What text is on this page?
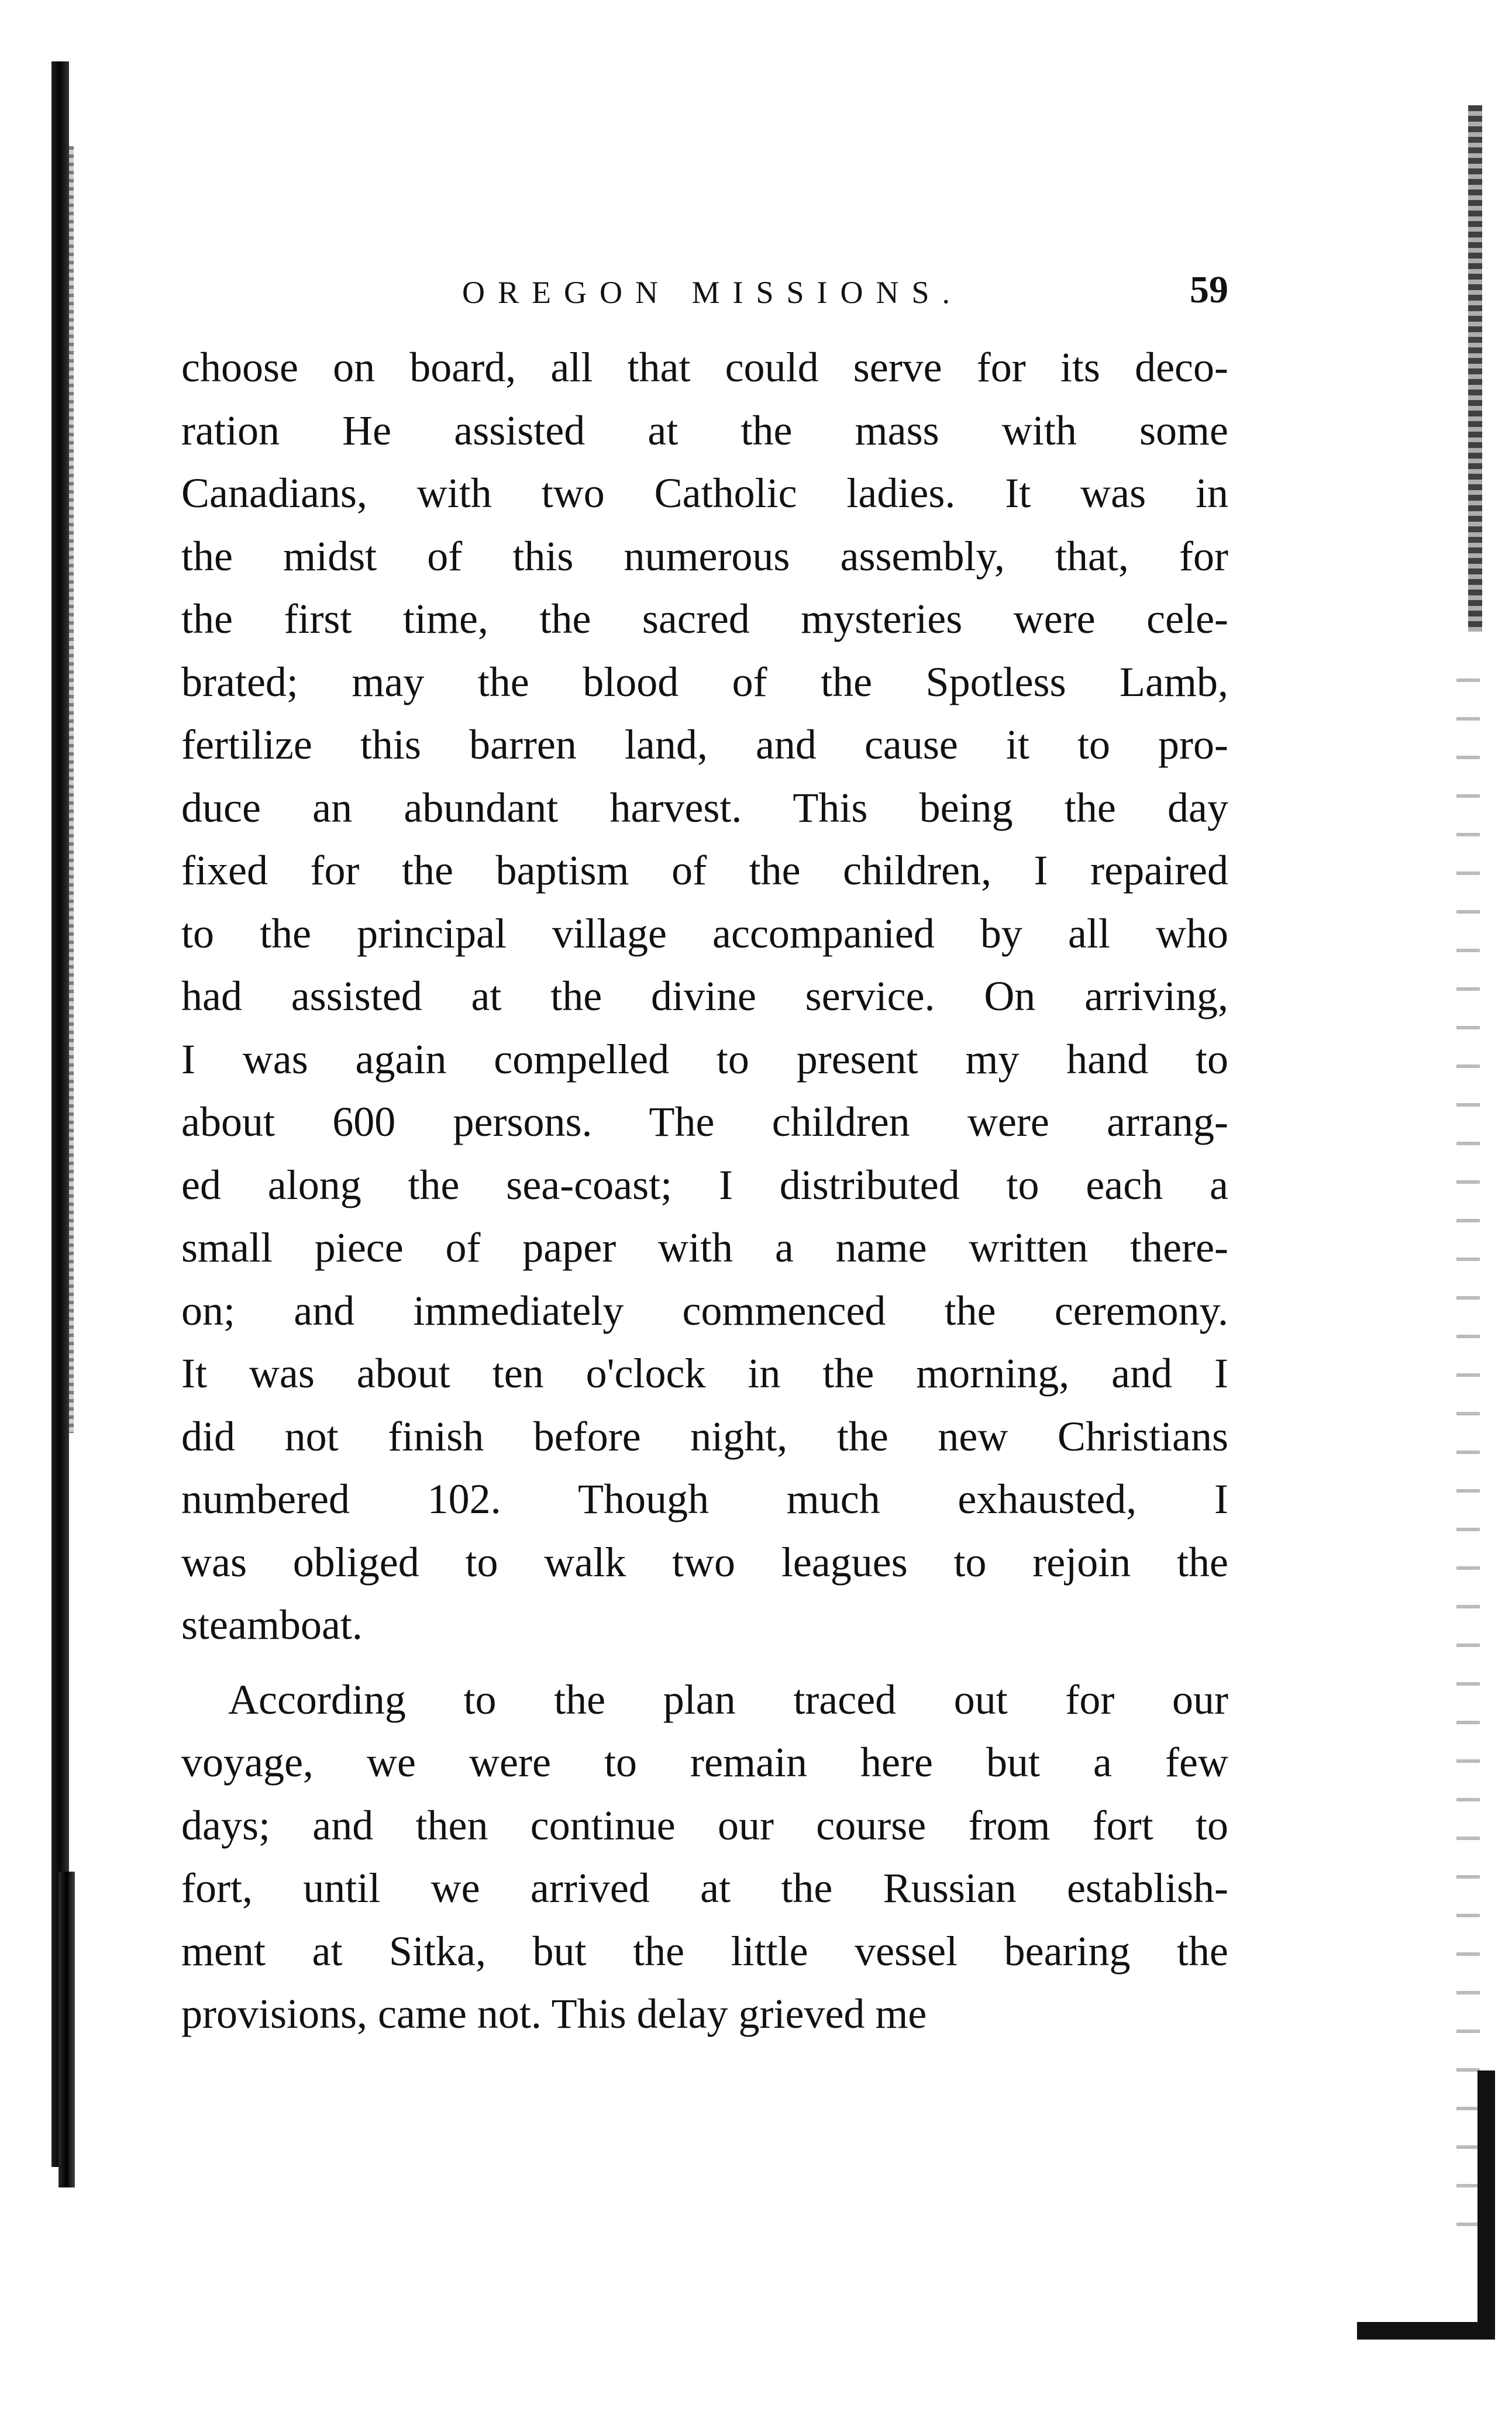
OREGON MISSIONS.	59
choose on board, all that could serve for its deco-
ration He assisted at the mass with some
Canadians, with two Catholic ladies. It was in
the midst of this numerous assembly, that, for
the first time, the sacred mysteries were cele-
brated; may the blood of the Spotless Lamb,
fertilize this barren land, and cause it to pro-
duce an abundant harvest. This being the day
fixed for the baptism of the children, I repaired
to the principal village accompanied by all who
had assisted at the divine service. On arriving,
I was again compelled to present my hand to
about 600 persons. The children were arrang-
ed along the sea-coast; I distributed to each a
small piece of paper with a name written there-
on; and immediately commenced the ceremony.
It was about ten o'clock in the morning, and I
did not finish before night, the new Christians
numbered 102. Though much exhausted, I
was obliged to walk two leagues to rejoin the
steamboat.
According to the plan traced out for our
voyage, we were to remain here but a few
days; and then continue our course from fort to
fort, until we arrived at the Russian establish-
ment at Sitka, but the little vessel bearing the
provisions, came not. This delay grieved me
